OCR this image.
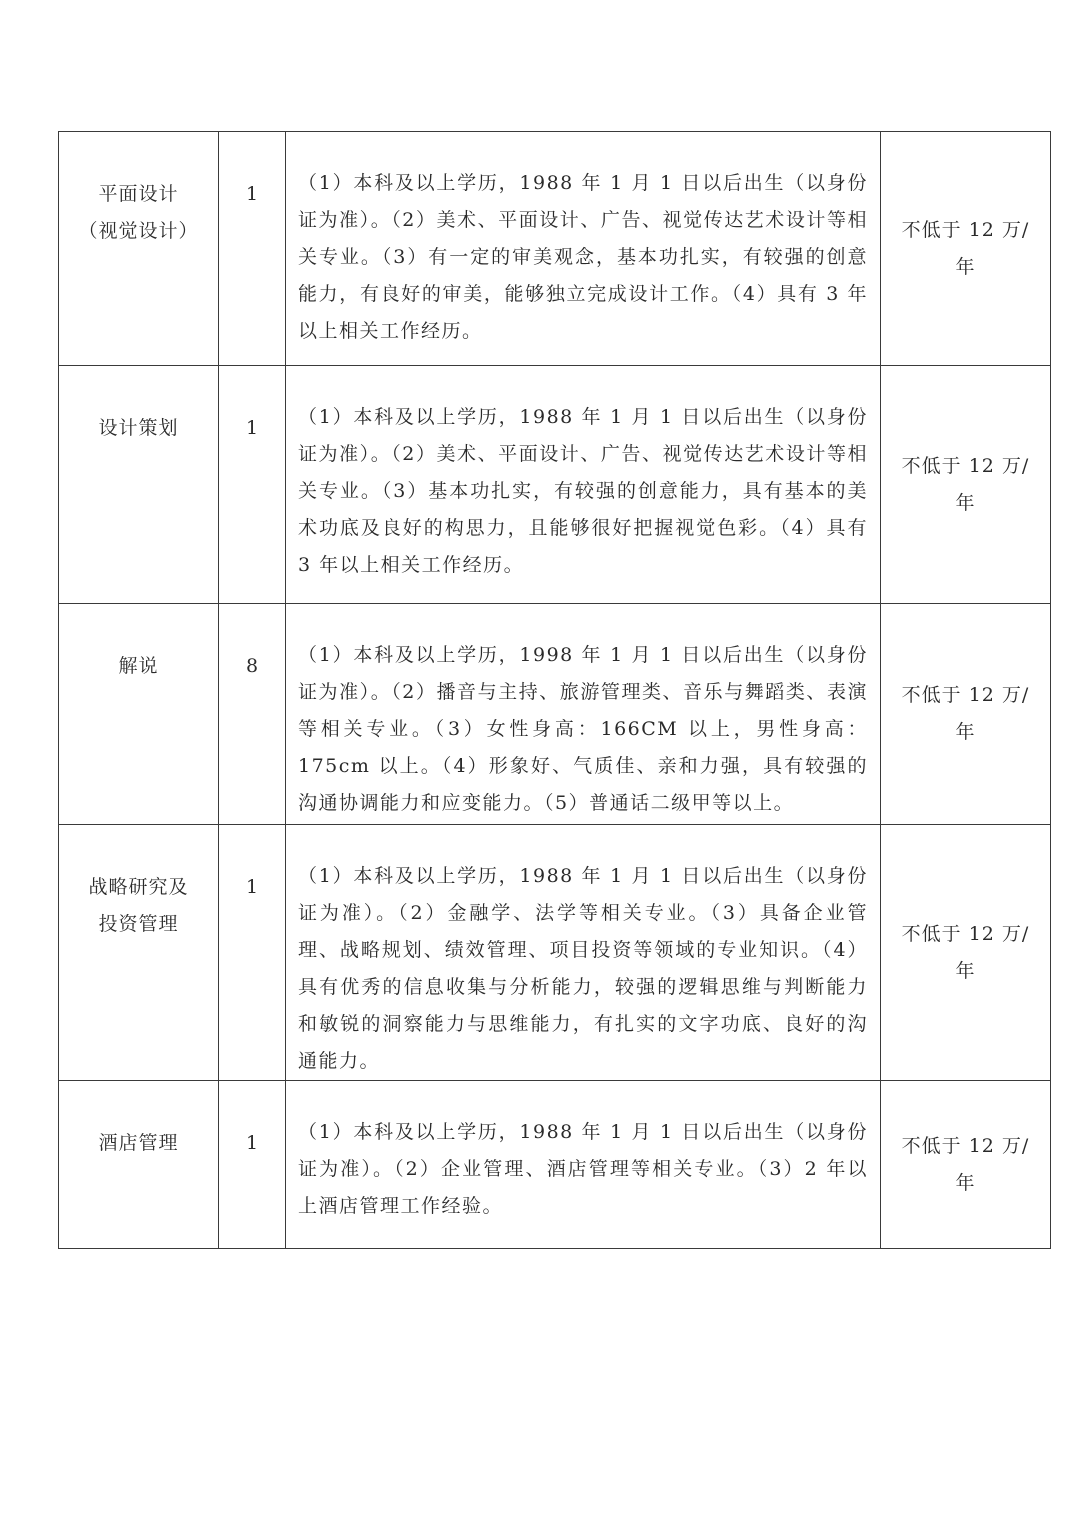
平面设计
（视觉设计）	1	（1）本科及以上学历，1988 年 1 月 1 日以后出生（以身份证为准）。（2）美术、平面设计、广告、视觉传达艺术设计等相关专业。（3）有一定的审美观念，基本功扎实，有较强的创意能力，有良好的审美，能够独立完成设计工作。（4）具有 3 年以上相关工作经历。	不低于 12 万/
年

设计策划	1	（1）本科及以上学历，1988 年 1 月 1 日以后出生（以身份证为准）。（2）美术、平面设计、广告、视觉传达艺术设计等相关专业。（3）基本功扎实，有较强的创意能力，具有基本的美术功底及良好的构思力，且能够很好把握视觉色彩。（4）具有 3 年以上相关工作经历。	不低于 12 万/
年

解说	8	（1）本科及以上学历，1998 年 1 月 1 日以后出生（以身份证为准）。（2）播音与主持、旅游管理类、音乐与舞蹈类、表演等相关专业。（3）女性身高：166CM 以上，男性身高：175cm 以上。（4）形象好、气质佳、亲和力强，具有较强的沟通协调能力和应变能力。（5）普通话二级甲等以上。	不低于 12 万/
年

战略研究及
投资管理	1	（1）本科及以上学历，1988 年 1 月 1 日以后出生（以身份证为准）。（2）金融学、法学等相关专业。（3）具备企业管理、战略规划、绩效管理、项目投资等领域的专业知识。（4）具有优秀的信息收集与分析能力，较强的逻辑思维与判断能力和敏锐的洞察能力与思维能力，有扎实的文字功底、良好的沟通能力。	不低于 12 万/
年

酒店管理	1	（1）本科及以上学历，1988 年 1 月 1 日以后出生（以身份证为准）。（2）企业管理、酒店管理等相关专业。（3）2 年以上酒店管理工作经验。	不低于 12 万/
年
